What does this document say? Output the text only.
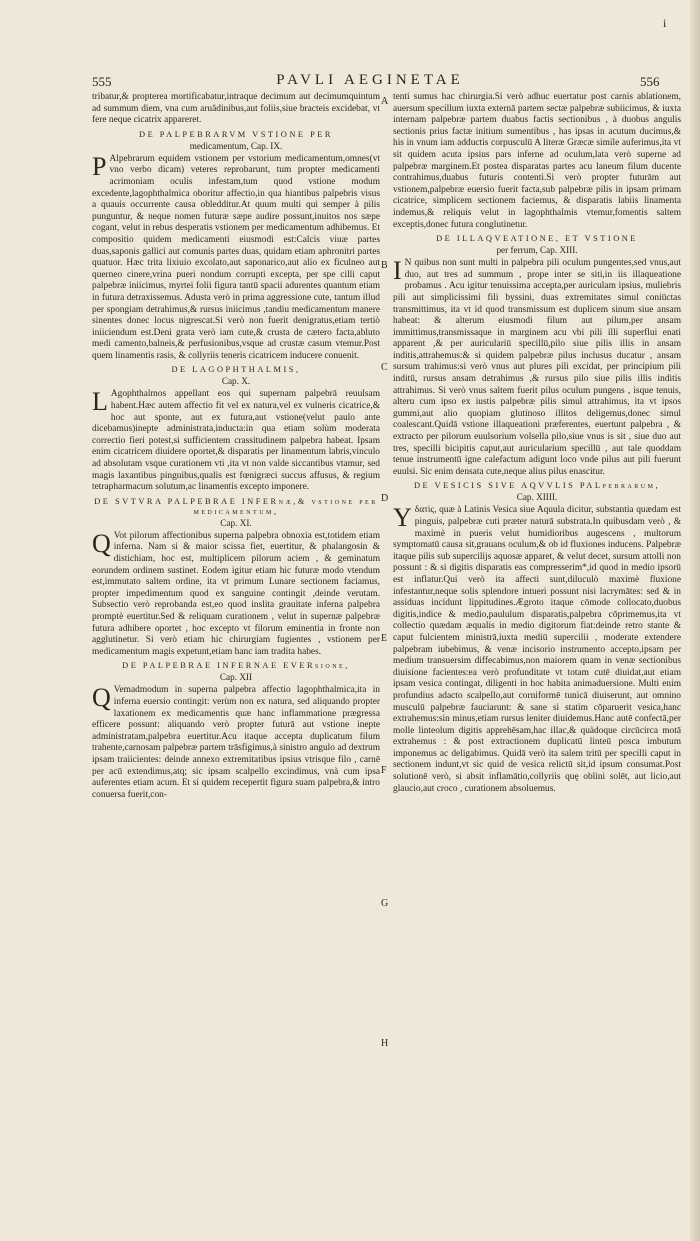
i
555	PAVLI AEGINETAE	556
A
B
C
D
E
F
G
H

tribatur,& propterea mortificabatur,intraque decimum aut decimumquintum ad summum diem, vna cum aruădinibus,aut foliis,siue bracteis excidebat, vt fere neque cicatrix appareret.

DE PALPEBRARVM VSTIONE PER
medicamentum, Cap. IX.

P Alpebrarum equidem vstionem per vstorium medicamentum,omnes(vt vno verbo dicam) veteres reprobarunt, tum propter medicamenti acrimoniam oculis infestam,tum quod vstione modum excedente,lagophthalmica oboritur affectio,in qua hiantibus palpebris visus a quauis occurrente causa obledditur.At quum multi qui semper à pilis punguntur, & neque nomen futuræ sæpe audire possunt,inuitos nos sæpe cogant, velut in rebus desperatis vstionem per medicamentum adhibemus. Et compositio quidem medicamenti eiusmodi est:Calcis viuæ partes duas,saponis gallici aut comunis partes duas, quidam etiam aphronitri partes quatuor. Hæc trita lixiuio excolato,aut saponarico,aut alio ex ficulneo aut querneo cinere,vrina pueri nondum corrupti excepta, per spe cilli caput palpebræ iniicimus, myrtei folii figura tantū spacii adurentes quantum etiam in futura detraxissemus. Adusta verò in prima aggressione cute, tantum illud per spongiam detrahimus,& rursus iniicimus ,tandiu medicamentum manere sinentes donec locus nigrescat.Si verò non fuerit denigratus,etiam tertiò iniiciendum est.Deni grata verò iam cute,& crusta de cætero facta,abluto medi camento,balneis,& perfusionibus,vsque ad crustæ casum vtemur.Post quem linamentis rasis, & collyriis teneris cicatricem inducere conuenit.

DE LAGOPHTHALMIS,
Cap. X.

L Agophthalmos appellant eos qui supernam palpebrā reuulsam habent.Hæc autem affectio fit vel ex natura,vel ex vulneris cicatrice,& hoc aut sponte, aut ex futura,aut vstione(velut paulo ante dicebamus)inepte administrata,inducta:in qua etiam solùm moderata correctio fieri potest,si sufficientem crassitudinem palpebra habeat. Ipsam enim cicatricem diuidere oportet,& disparatis per linamentum labris,vinculo ad absolutam vsque curationem vti ,ita vt non valde siccantibus vtamur, sed magis laxantibus pinguibus,qualis est fœnigræci succus affusus, & regium tetrapharmacum solutum,ac linamentis excepto imponere.

DE SVTVRA PALPEBRAE INFERnæ,& vstione per medicamentum,
Cap. XI.

Q Vot pilorum affectionibus superna palpebra obnoxia est,totidem etiam inferna. Nam si & maior scissa fiet, euertitur, & phalangosin & distichiam, hoc est, multiplicem pilorum aciem , & geminatum eorundem ordinem sustinet. Eodem igitur etiam hic futuræ modo vtendum est,immutato saltem ordine, ita vt primum Lunare sectionem faciamus, propter impedimentum quod ex sanguine contingit ,deinde verutam. Subsectio verò reprobanda est,eo quod inslita grauitate inferna palpebra promptè euertitur.Sed & reliquam curationem , velut in supernæ palpebræ futura adhibere oportet , hoc excepto vt filorum eminentia in fronte non agglutinetur. Si verò etiam hic chirurgiam fugientes , vstionem per medicamentum magis expetunt,etiam hanc iam tradita habes.

DE PALPEBRAE INFERNAE EVERsione,
Cap. XII

Q Vemadmodum in superna palpebra affectio lagophthalmica,ita in inferna euersio contingit: verùm non ex natura, sed aliquando propter laxationem ex medicamentis quæ hanc inflammatione prægressa efficere possunt: aliquando verò propter futurā aut vstione inepte administratam,palpebra euertitur.Acu itaque accepta duplicatum filum trahente,carnosam palpebræ partem trāsfigimus,à sinistro angulo ad dextrum ipsam traiicientes: deinde annexo extremitatibus ipsius vtrisque filo , carnē per acū extendimus,atq; sic ipsam scalpello excindimus, vnà cum ipsa auferentes etiam acum. Et si quidem recepertit figura suam palpebra,& intro conuersa fuerit,con-

tenti sumus hac chirurgia.Si verò adhuc euertatur post carnis ablationem, auersum specillum iuxta externā partem sectæ palpebræ subiicimus, & iuxta internam palpebræ partem duabus factis sectionibus , à duobus angulis sectionis prius factæ initium sumentibus , has ipsas in acutum ducimus,& his in vnum iam adductis corpusculū A literæ Græcæ simile auferimus,ita vt sit quidem acuta ipsius pars inferne ad oculum,lata verò superne ad palpebræ marginem.Et postea disparatas partes acu laneum filum ducente contrahimus,duabus futuris contenti.Si verò propter futurām aut vstionem,palpebræ euersio fuerit facta,sub palpebræ pilis in ipsam primam cicatrice, simplicem sectionem faciemus, & disparatis labiis linamenta indemus,& reliquis velut in lagophthalmis vtemur,fomentis saltem exceptis,donec futura conglutinetur.

DE ILLAQVEATIONE, ET VSTIONE
per ferrum, Cap. XIII.

I N quibus non sunt multi in palpebra pili oculum pungentes,sed vnus,aut duo, aut tres ad summum , prope inter se siti,in iis illaqueatione probamus . Acu igitur tenuissima accepta,per auriculam ipsius, muliebris pili aut simplicissimi fili byssini, duas extremitates simul coniūctas transmittimus, ita vt id quod transmissum est duplicem sinum siue ansam habeat: & alterum eiusmodi filum aut pilum,per ansam immittimus,transmissaque in marginem acu vbi pili illi superflui enati apparent ,& per auriculariū specillū,pilo siue pilis illis in ansam inditis,attrahemus:& si quidem palpebræ pilus inclusus ducatur , ansam sursum trahimus:si verò vnus aut plures pili excidat, per principium pili inditū, rursus ansam detrahimus ,& rursus pilo siue pilis illis inditis attrahimus. Si verò vnus saltem fuerit pilus oculum pungens , isque tenuis, alteru cum ipso ex iustis palpebræ pilis simul attrahimus, ita vt ipsos gummi,aut alio quopiam glutinoso illitos deligemus,donec simul coalescant.Quidā vstione illaqueationi præferentes, euertunt palpebra , & extracto per pilorum euulsorium volsella pilo,siue vnus is sit , siue duo aut tres, specilli bicipitis caput,aut auricularium specillū , aut tale quoddam tenue instrumentū igne calefactum adigunt loco vnde pilus aut pili fuerunt euulsi. Sic enim densata cute,neque alius pilus enascitur.

DE VESICIS SIVE AQVVLIS PALpebrarum,
Cap. XIIII.

Yδατὶς, quæ à Latinis Vesica siue Aquula dicitur, substantia quædam est pinguis, palpebræ cuti præter naturā substrata.In quibusdam verò , & maximè in pueris velut humidioribus augescens , multorum symptomatū causa sit,grauans oculum,& ob id fluxiones inducens. Palpebræ itaque pilis sub supercilijs aquosæ apparet, & velut decet, sursum attolli non possunt : & si digitis disparatis eas compresserim*,id quod in medio ipsorū est inflatur.Qui verò ita affecti sunt,diluculò maximè fluxione infestantur,neque solis splendore intueri possunt nisi lacrymātes: sed & in assiduas incidunt lippitudines.Ægroto itaque cōmode collocato,duobus digitis,indice & medio,paululum disparatis,palpebra cōprimemus,ita vt collectio quædam æqualis in medio digitorum fiat:deinde retro stante & caput fulcientem ministrā,iuxta mediū supercilii , moderate extendere palpebram iubebimus, & venæ incisorio instrumento accepto,ipsam per medium transuersim diffecabimus,non maiorem quam in venæ sectionibus diuisione facientes:ea verò profunditate vt totam cutē diuidat,aut etiam ipsam vesica contingat, diligenti in hoc habita animaduersione. Multi enim profundius adacto scalpello,aut corniformē tunicā diuiserunt, aut omnino musculū palpebræ fauciarunt: & sane si statim cōparuerit vesica,hanc extrahemus:sin minus,etiam rursus leniter diuidemus.Hanc autē confectā,per molle linteolum digitis apprehēsam,hac illac,& quàdoque circūcirca motā extrahemus : & post extractionem duplicatū linteū posca imbutum imponemus ac deligabimus. Quidā verò ita salem tritū per specilli caput in sectionem indunt,vt sic quid de vesica relictū sit,id ipsum consumat.Post solutionē verò, si absit inflamātio,collyriis quę oblini solēt, aut licio,aut glaucio,aut croco , curationem absoluemus.
